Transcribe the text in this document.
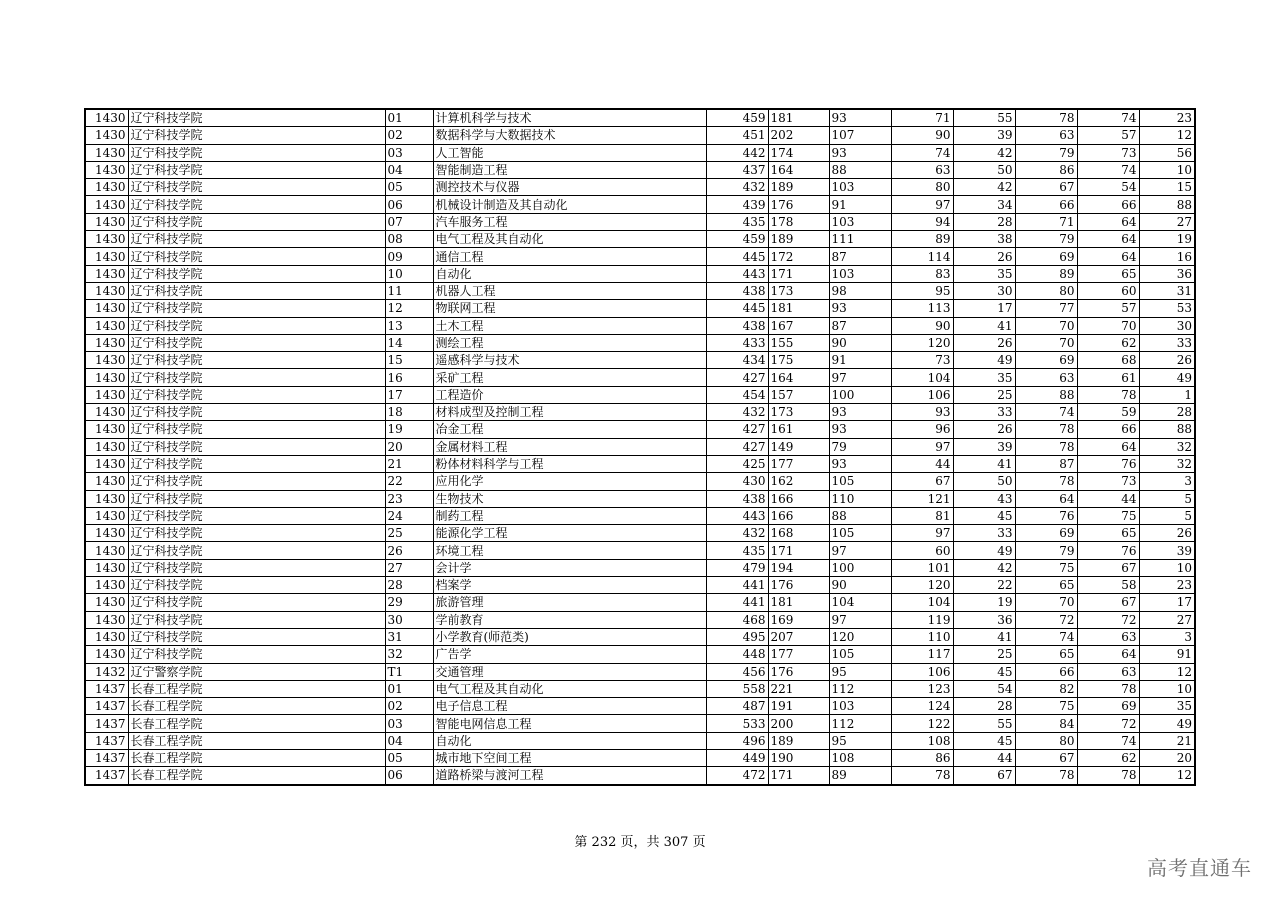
1430	辽宁科技学院	01	计算机科学与技术	459	181	93	71	55	78	74	23
1430	辽宁科技学院	02	数据科学与大数据技术	451	202	107	90	39	63	57	12
1430	辽宁科技学院	03	人工智能	442	174	93	74	42	79	73	56
1430	辽宁科技学院	04	智能制造工程	437	164	88	63	50	86	74	10
1430	辽宁科技学院	05	测控技术与仪器	432	189	103	80	42	67	54	15
1430	辽宁科技学院	06	机械设计制造及其自动化	439	176	91	97	34	66	66	88
1430	辽宁科技学院	07	汽车服务工程	435	178	103	94	28	71	64	27
1430	辽宁科技学院	08	电气工程及其自动化	459	189	111	89	38	79	64	19
1430	辽宁科技学院	09	通信工程	445	172	87	114	26	69	64	16
1430	辽宁科技学院	10	自动化	443	171	103	83	35	89	65	36
1430	辽宁科技学院	11	机器人工程	438	173	98	95	30	80	60	31
1430	辽宁科技学院	12	物联网工程	445	181	93	113	17	77	57	53
1430	辽宁科技学院	13	土木工程	438	167	87	90	41	70	70	30
1430	辽宁科技学院	14	测绘工程	433	155	90	120	26	70	62	33
1430	辽宁科技学院	15	遥感科学与技术	434	175	91	73	49	69	68	26
1430	辽宁科技学院	16	采矿工程	427	164	97	104	35	63	61	49
1430	辽宁科技学院	17	工程造价	454	157	100	106	25	88	78	1
1430	辽宁科技学院	18	材料成型及控制工程	432	173	93	93	33	74	59	28
1430	辽宁科技学院	19	冶金工程	427	161	93	96	26	78	66	88
1430	辽宁科技学院	20	金属材料工程	427	149	79	97	39	78	64	32
1430	辽宁科技学院	21	粉体材料科学与工程	425	177	93	44	41	87	76	32
1430	辽宁科技学院	22	应用化学	430	162	105	67	50	78	73	3
1430	辽宁科技学院	23	生物技术	438	166	110	121	43	64	44	5
1430	辽宁科技学院	24	制药工程	443	166	88	81	45	76	75	5
1430	辽宁科技学院	25	能源化学工程	432	168	105	97	33	69	65	26
1430	辽宁科技学院	26	环境工程	435	171	97	60	49	79	76	39
1430	辽宁科技学院	27	会计学	479	194	100	101	42	75	67	10
1430	辽宁科技学院	28	档案学	441	176	90	120	22	65	58	23
1430	辽宁科技学院	29	旅游管理	441	181	104	104	19	70	67	17
1430	辽宁科技学院	30	学前教育	468	169	97	119	36	72	72	27
1430	辽宁科技学院	31	小学教育(师范类)	495	207	120	110	41	74	63	3
1430	辽宁科技学院	32	广告学	448	177	105	117	25	65	64	91
1432	辽宁警察学院	T1	交通管理	456	176	95	106	45	66	63	12
1437	长春工程学院	01	电气工程及其自动化	558	221	112	123	54	82	78	10
1437	长春工程学院	02	电子信息工程	487	191	103	124	28	75	69	35
1437	长春工程学院	03	智能电网信息工程	533	200	112	122	55	84	72	49
1437	长春工程学院	04	自动化	496	189	95	108	45	80	74	21
1437	长春工程学院	05	城市地下空间工程	449	190	108	86	44	67	62	20
1437	长春工程学院	06	道路桥梁与渡河工程	472	171	89	78	67	78	78	12
第 232 页，共 307 页
高考直通车
